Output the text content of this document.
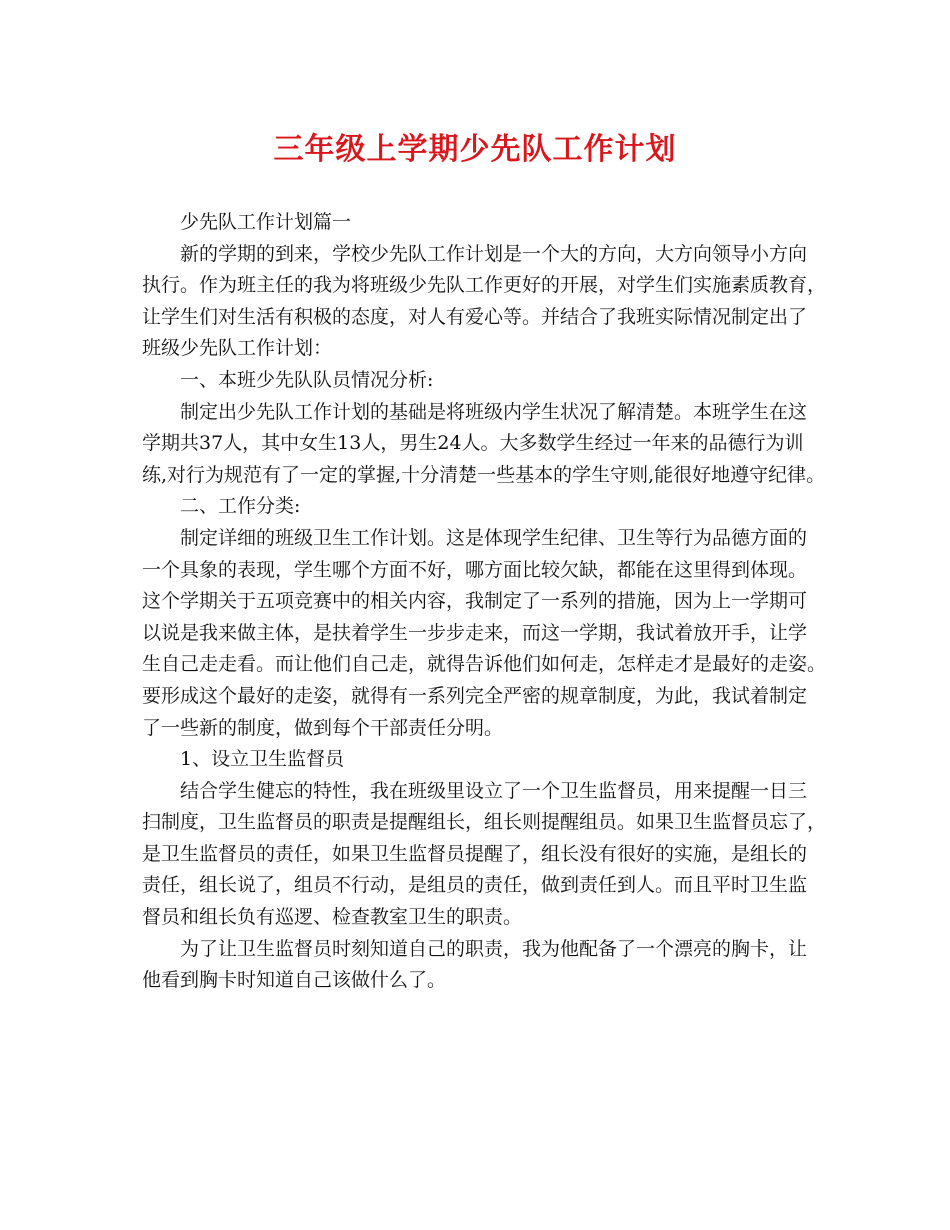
三年级上学期少先队工作计划
少先队工作计划篇一
新的学期的到来，学校少先队工作计划是一个大的方向，大方向领导小方向
执行。作为班主任的我为将班级少先队工作更好的开展，对学生们实施素质教育，
让学生们对生活有积极的态度，对人有爱心等。并结合了我班实际情况制定出了
班级少先队工作计划：
一、本班少先队队员情况分析:
制定出少先队工作计划的基础是将班级内学生状况了解清楚。本班学生在这
学期共37人，其中女生13人，男生24人。大多数学生经过一年来的品德行为训
练,对行为规范有了一定的掌握,十分清楚一些基本的学生守则,能很好地遵守纪律。
二、工作分类:
制定详细的班级卫生工作计划。这是体现学生纪律、卫生等行为品德方面的
一个具象的表现，学生哪个方面不好，哪方面比较欠缺，都能在这里得到体现。
这个学期关于五项竞赛中的相关内容，我制定了一系列的措施，因为上一学期可
以说是我来做主体，是扶着学生一步步走来，而这一学期，我试着放开手，让学
生自己走走看。而让他们自己走，就得告诉他们如何走，怎样走才是最好的走姿。
要形成这个最好的走姿，就得有一系列完全严密的规章制度，为此，我试着制定
了一些新的制度，做到每个干部责任分明。
1、设立卫生监督员
结合学生健忘的特性，我在班级里设立了一个卫生监督员，用来提醒一日三
扫制度，卫生监督员的职责是提醒组长，组长则提醒组员。如果卫生监督员忘了，
是卫生监督员的责任，如果卫生监督员提醒了，组长没有很好的实施，是组长的
责任，组长说了，组员不行动，是组员的责任，做到责任到人。而且平时卫生监
督员和组长负有巡逻、检查教室卫生的职责。
为了让卫生监督员时刻知道自己的职责，我为他配备了一个漂亮的胸卡，让
他看到胸卡时知道自己该做什么了。
